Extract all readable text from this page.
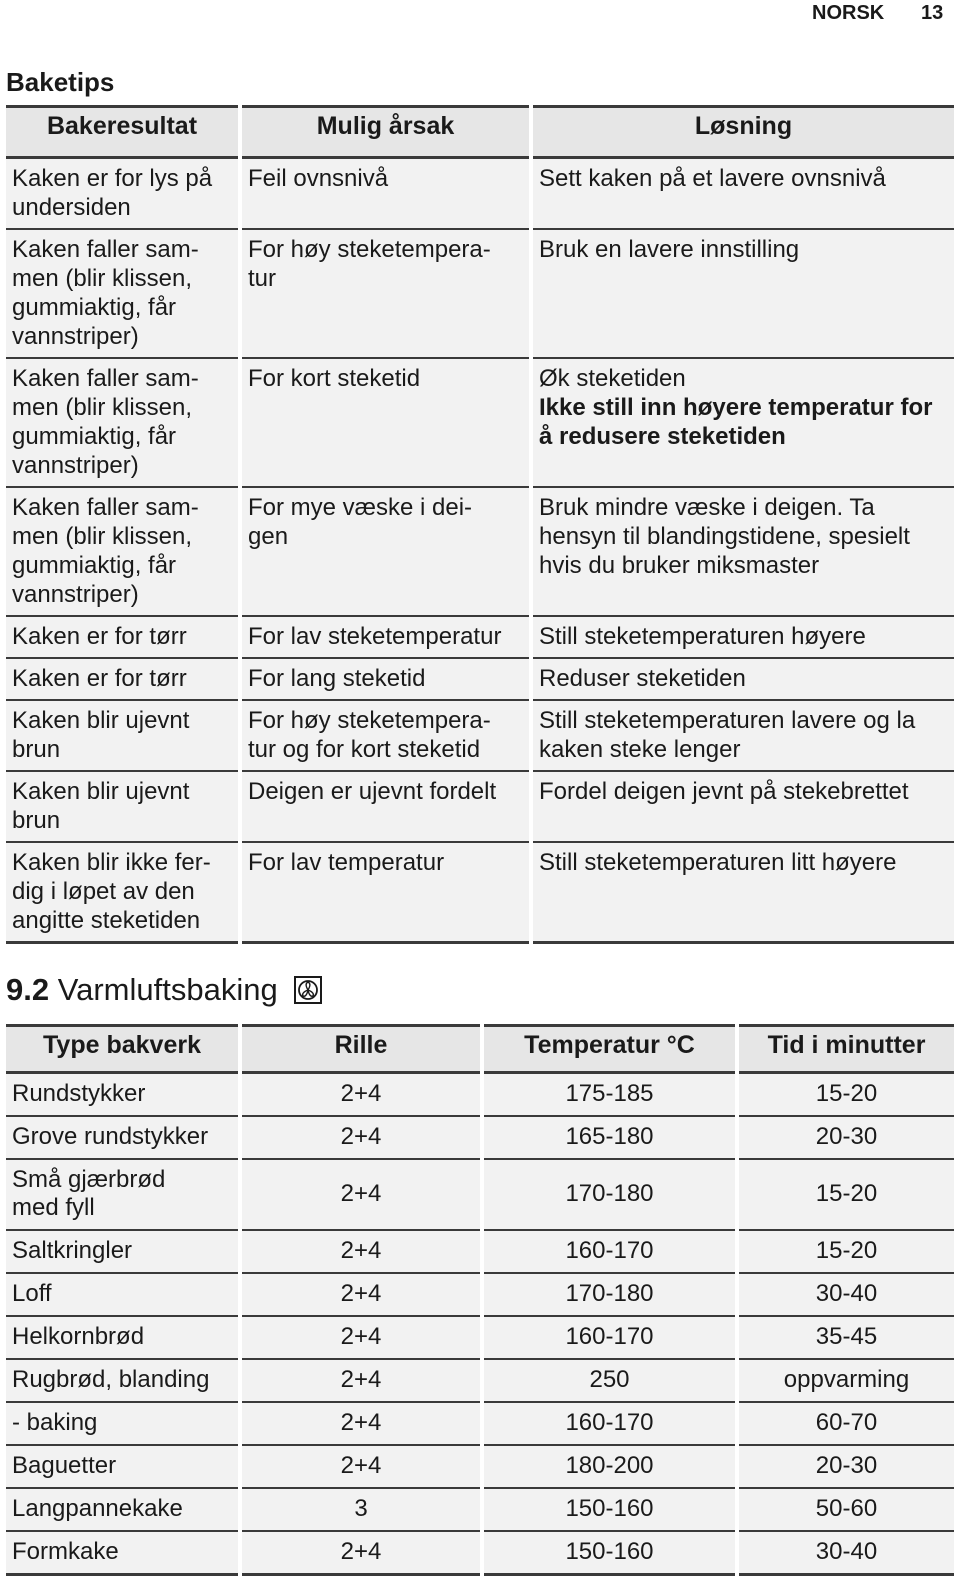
NORSK 13
Baketips
Bakeresultat	Mulig årsak	Løsning
Kaken er for lys på undersiden	Feil ovnsnivå	Sett kaken på et lavere ovnsnivå
Kaken faller sam-
men (blir klissen,
gummiaktig, får
vannstriper)	For høy steketempera-
tur	Bruk en lavere innstilling
Kaken faller sam-
men (blir klissen,
gummiaktig, får
vannstriper)	For kort steketid	Øk steketiden
Ikke still inn høyere temperatur for å redusere steketiden

Kaken faller sam-
men (blir klissen,
gummiaktig, får
vannstriper)	For mye væske i dei-
gen	Bruk mindre væske i deigen. Ta hensyn til blandingstidene, spesielt hvis du bruker miksmaster
Kaken er for tørr	For lav steketemperatur	Still steketemperaturen høyere
Kaken er for tørr	For lang steketid	Reduser steketiden
Kaken blir ujevnt brun	For høy steketempera-
tur og for kort steketid	Still steketemperaturen lavere og la kaken steke lenger
Kaken blir ujevnt brun	Deigen er ujevnt fordelt	Fordel deigen jevnt på stekebrettet
Kaken blir ikke fer-
dig i løpet av den
angitte steketiden	For lav temperatur	Still steketemperaturen litt høyere
9.2 Varmluftsbaking
Type bakverk	Rille	Temperatur °C	Tid i minutter
Rundstykker	2+4	175-185	15-20
Grove rundstykker	2+4	165-180	20-30
Små gjærbrød med fyll	2+4	170-180	15-20
Saltkringler	2+4	160-170	15-20
Loff	2+4	170-180	30-40
Helkornbrød	2+4	160-170	35-45
Rugbrød, blanding	2+4	250	oppvarming
- baking	2+4	160-170	60-70
Baguetter	2+4	180-200	20-30
Langpannekake	3	150-160	50-60
Formkake	2+4	150-160	30-40
